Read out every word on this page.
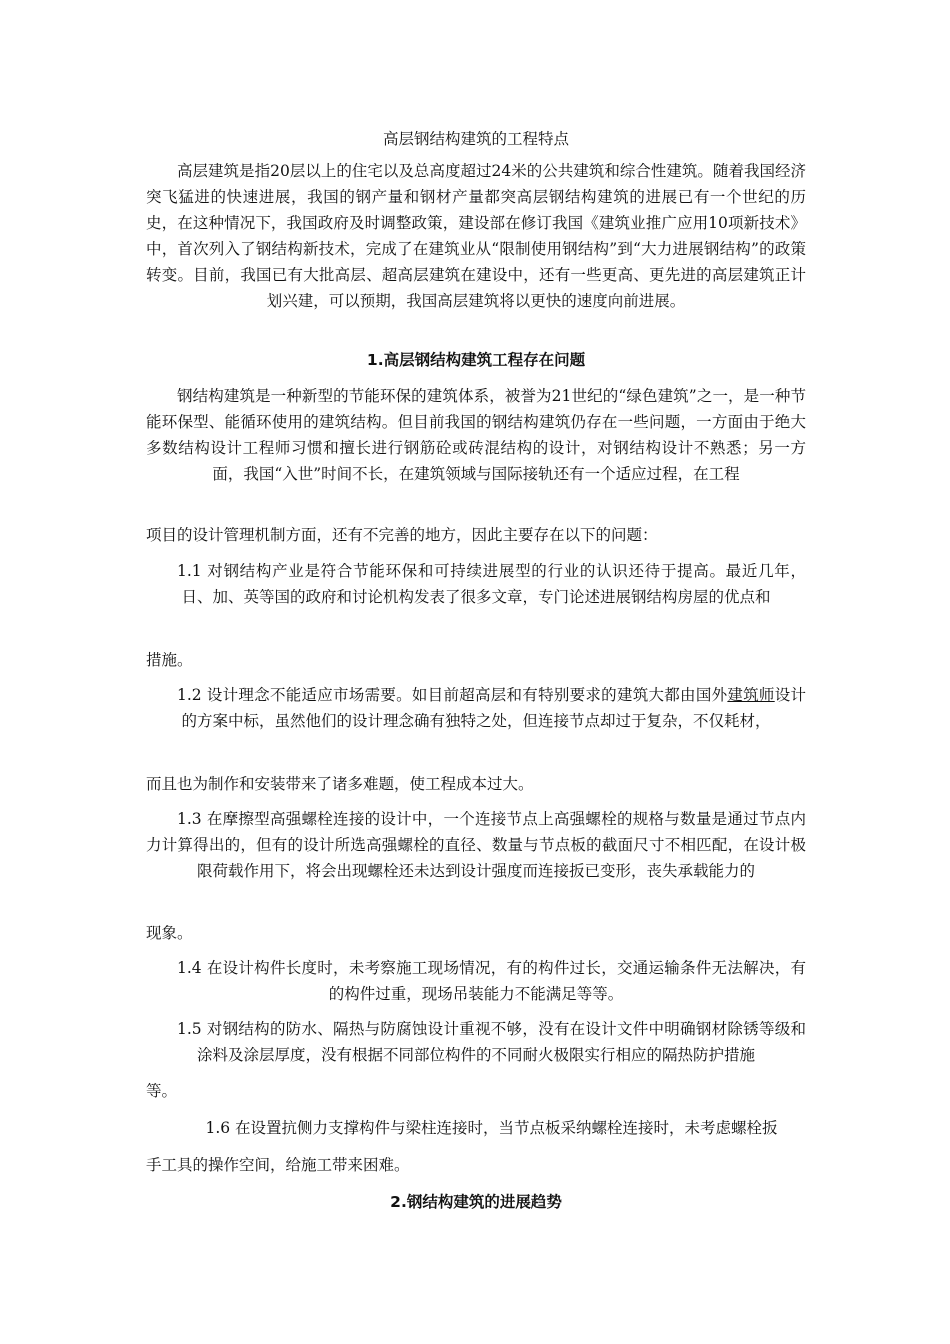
高层钢结构建筑的工程特点

高层建筑是指20层以上的住宅以及总高度超过24米的公共建筑和综合性建筑。随着我国经济突飞猛进的快速进展，我国的钢产量和钢材产量都突高层钢结构建筑的进展已有一个世纪的历史，在这种情况下，我国政府及时调整政策，建设部在修订我国《建筑业推广应用10项新技术》中，首次列入了钢结构新技术，完成了在建筑业从“限制使用钢结构”到“大力进展钢结构”的政策转变。目前，我国已有大批高层、超高层建筑在建设中，还有一些更高、更先进的高层建筑正计划兴建，可以预期，我国高层建筑将以更快的速度向前进展。

1.高层钢结构建筑工程存在问题

钢结构建筑是一种新型的节能环保的建筑体系，被誉为21世纪的“绿色建筑”之一，是一种节能环保型、能循环使用的建筑结构。但目前我国的钢结构建筑仍存在一些问题，一方面由于绝大多数结构设计工程师习惯和擅长进行钢筋砼或砖混结构的设计，对钢结构设计不熟悉；另一方面，我国“入世”时间不长，在建筑领域与国际接轨还有一个适应过程，在工程

项目的设计管理机制方面，还有不完善的地方，因此主要存在以下的问题：

1.1 对钢结构产业是符合节能环保和可持续进展型的行业的认识还待于提高。最近几年，日、加、英等国的政府和讨论机构发表了很多文章，专门论述进展钢结构房屋的优点和

措施。

1.2 设计理念不能适应市场需要。如目前超高层和有特别要求的建筑大都由国外建筑师设计的方案中标，虽然他们的设计理念确有独特之处，但连接节点却过于复杂，不仅耗材，

而且也为制作和安装带来了诸多难题，使工程成本过大。

1.3 在摩擦型高强螺栓连接的设计中，一个连接节点上高强螺栓的规格与数量是通过节点内力计算得出的，但有的设计所选高强螺栓的直径、数量与节点板的截面尺寸不相匹配，在设计极限荷载作用下，将会出现螺栓还未达到设计强度而连接扳已变形，丧失承载能力的

现象。

1.4 在设计构件长度时，未考察施工现场情况，有的构件过长，交通运输条件无法解决，有的构件过重，现场吊装能力不能满足等等。

1.5 对钢结构的防水、隔热与防腐蚀设计重视不够，没有在设计文件中明确钢材除锈等级和涂料及涂层厚度，没有根据不同部位构件的不同耐火极限实行相应的隔热防护措施

等。

1.6 在设置抗侧力支撑构件与梁柱连接时，当节点板采纳螺栓连接时，未考虑螺栓扳

手工具的操作空间，给施工带来困难。

2.钢结构建筑的进展趋势
